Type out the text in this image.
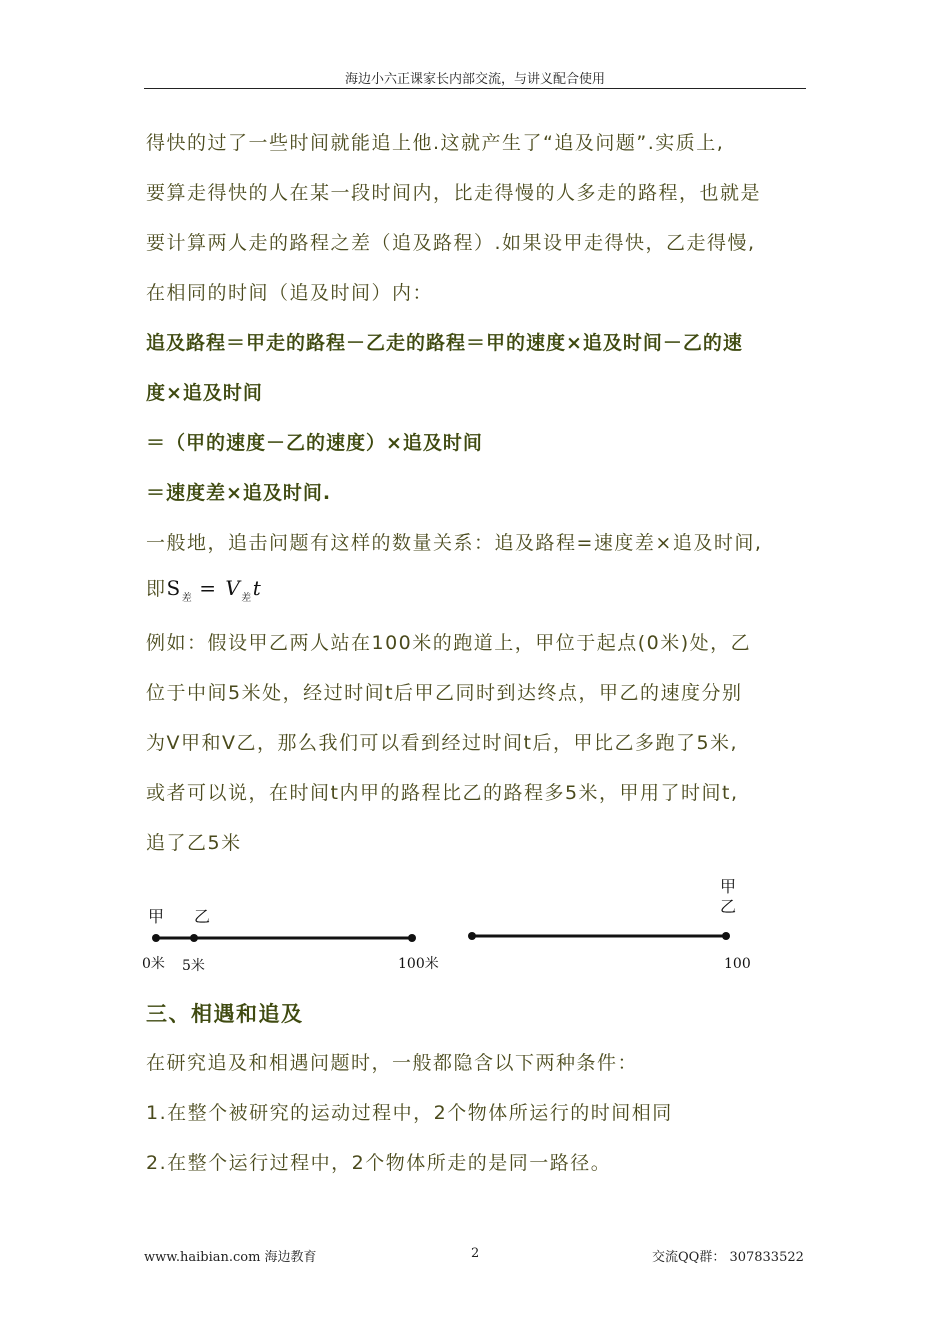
海边小六正课家长内部交流，与讲义配合使用
得快的过了一些时间就能追上他.这就产生了“追及问题”.实质上,
要算走得快的人在某一段时间内，比走得慢的人多走的路程，也就是
要计算两人走的路程之差（追及路程）.如果设甲走得快，乙走得慢,
在相同的时间（追及时间）内：
追及路程＝甲走的路程－乙走的路程＝甲的速度×追及时间－乙的速
度×追及时间
＝（甲的速度－乙的速度）×追及时间
＝速度差×追及时间.
一般地，追击问题有这样的数量关系：追及路程=速度差×追及时间,
即$S_差 = V_差t$
例如：假设甲乙两人站在100米的跑道上，甲位于起点(0米)处，乙
位于中间5米处，经过时间t后甲乙同时到达终点，甲乙的速度分别
为V甲和V乙，那么我们可以看到经过时间t后，甲比乙多跑了5米,
或者可以说，在时间t内甲的路程比乙的路程多5米，甲用了时间t,
追了乙5米
甲 乙
0米 5米	100米
甲
乙
100
三、相遇和追及
在研究追及和相遇问题时，一般都隐含以下两种条件：
1.在整个被研究的运动过程中，2个物体所运行的时间相同
2.在整个运行过程中，2个物体所走的是同一路径。
www.haibian.com 海边教育	2	交流QQ群： 307833522
